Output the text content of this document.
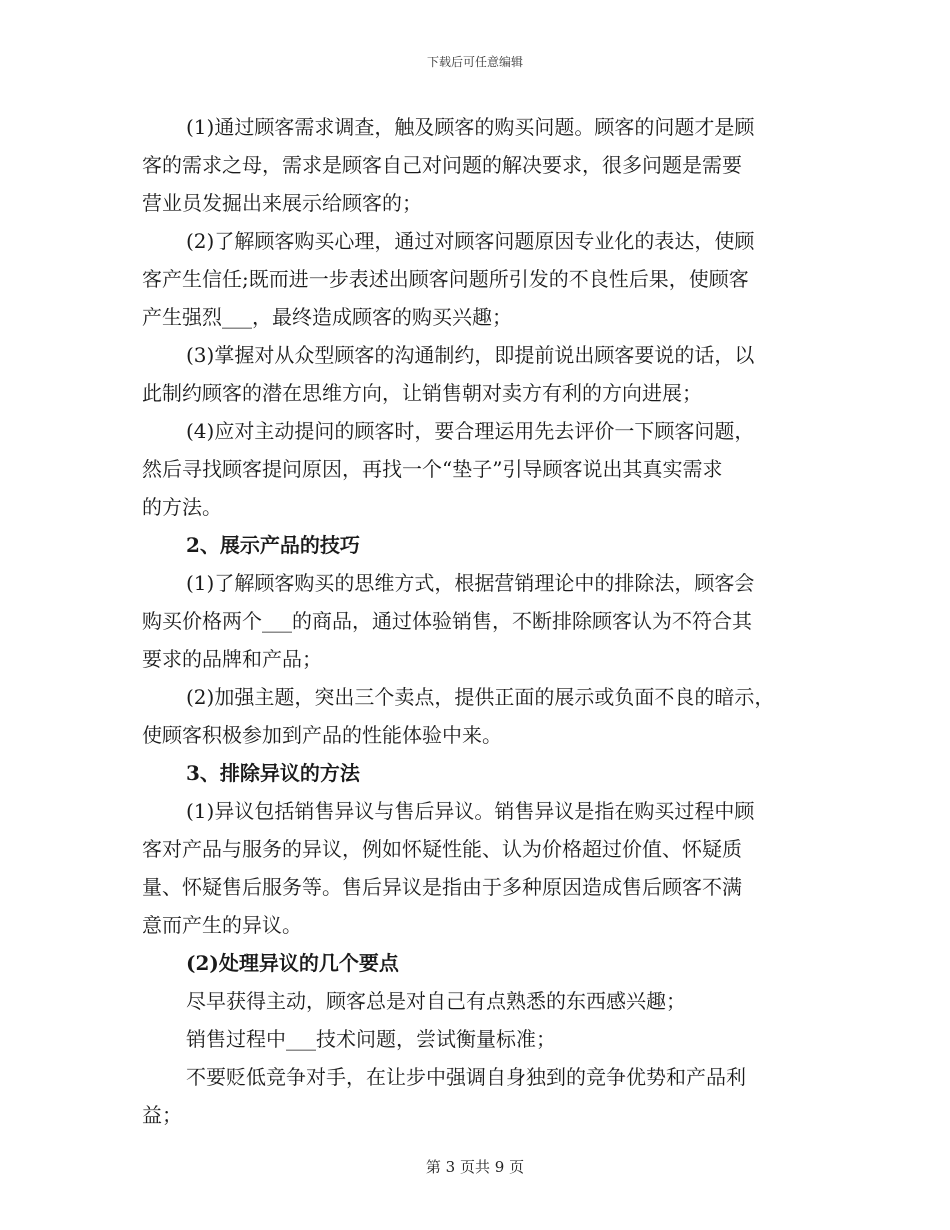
下载后可任意编辑
(1)通过顾客需求调查，触及顾客的购买问题。顾客的问题才是顾
客的需求之母，需求是顾客自己对问题的解决要求，很多问题是需要
营业员发掘出来展示给顾客的；
(2)了解顾客购买心理，通过对顾客问题原因专业化的表达，使顾
客产生信任;既而进一步表述出顾客问题所引发的不良性后果，使顾客
产生强烈___，最终造成顾客的购买兴趣；
(3)掌握对从众型顾客的沟通制约，即提前说出顾客要说的话，以
此制约顾客的潜在思维方向，让销售朝对卖方有利的方向进展；
(4)应对主动提问的顾客时，要合理运用先去评价一下顾客问题，
然后寻找顾客提问原因，再找一个“垫子”引导顾客说出其真实需求
的方法。
2、展示产品的技巧
(1)了解顾客购买的思维方式，根据营销理论中的排除法，顾客会
购买价格两个___的商品，通过体验销售，不断排除顾客认为不符合其
要求的品牌和产品；
(2)加强主题，突出三个卖点，提供正面的展示或负面不良的暗示，
使顾客积极参加到产品的性能体验中来。
3、排除异议的方法
(1)异议包括销售异议与售后异议。销售异议是指在购买过程中顾
客对产品与服务的异议，例如怀疑性能、认为价格超过价值、怀疑质
量、怀疑售后服务等。售后异议是指由于多种原因造成售后顾客不满
意而产生的异议。
(2)处理异议的几个要点
尽早获得主动，顾客总是对自己有点熟悉的东西感兴趣；
销售过程中___技术问题，尝试衡量标准；
不要贬低竞争对手，在让步中强调自身独到的竞争优势和产品利
益；
第 3 页共 9 页
